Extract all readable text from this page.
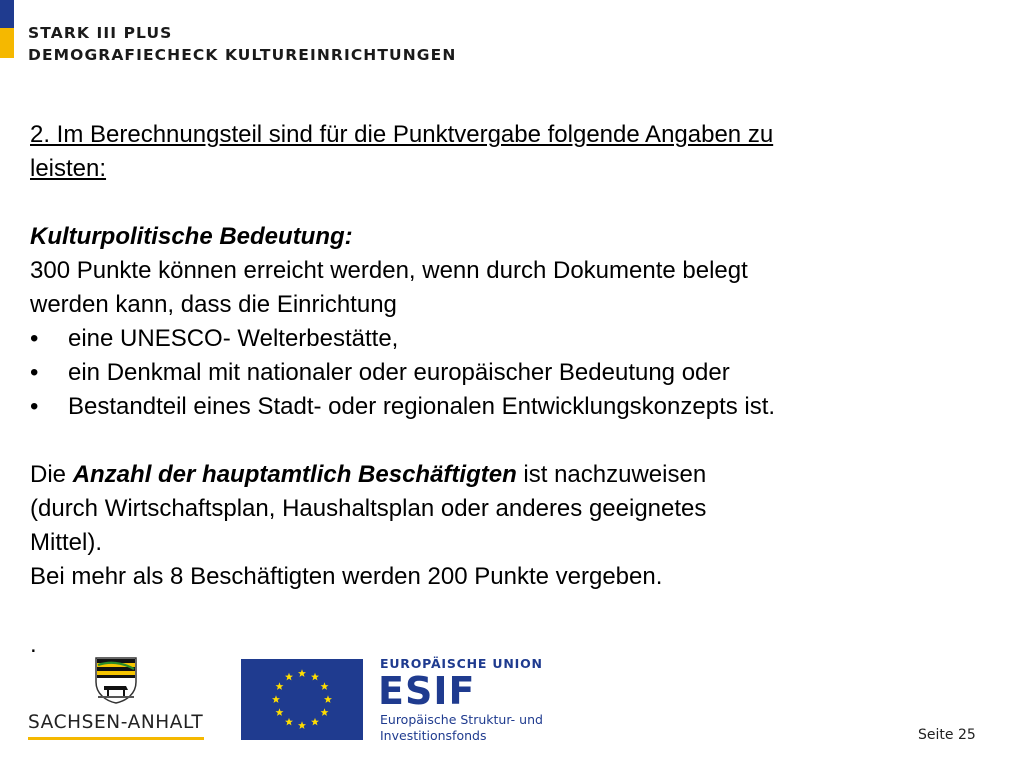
STARK III PLUS
DEMOGRAFIECHECK KULTUREINRICHTUNGEN

2. Im Berechnungsteil sind für die Punktvergabe folgende Angaben zu

leisten:

Kulturpolitische Bedeutung:

300 Punkte können erreicht werden, wenn durch Dokumente belegt

werden kann, dass die Einrichtung

•	eine UNESCO- Welterbestätte,
•	ein Denkmal mit nationaler oder europäischer Bedeutung oder
•	Bestandteil eines Stadt- oder regionalen Entwicklungskonzepts ist.

Die Anzahl der hauptamtlich Beschäftigten ist nachzuweisen

(durch Wirtschaftsplan, Haushaltsplan oder anderes geeignetes

Mittel).

Bei mehr als 8 Beschäftigten werden 200 Punkte vergeben.

.

SACHSEN-ANHALT
EUROPÄISCHE UNION
ESIF
Europäische Struktur- und
Investitionsfonds	Seite 25
